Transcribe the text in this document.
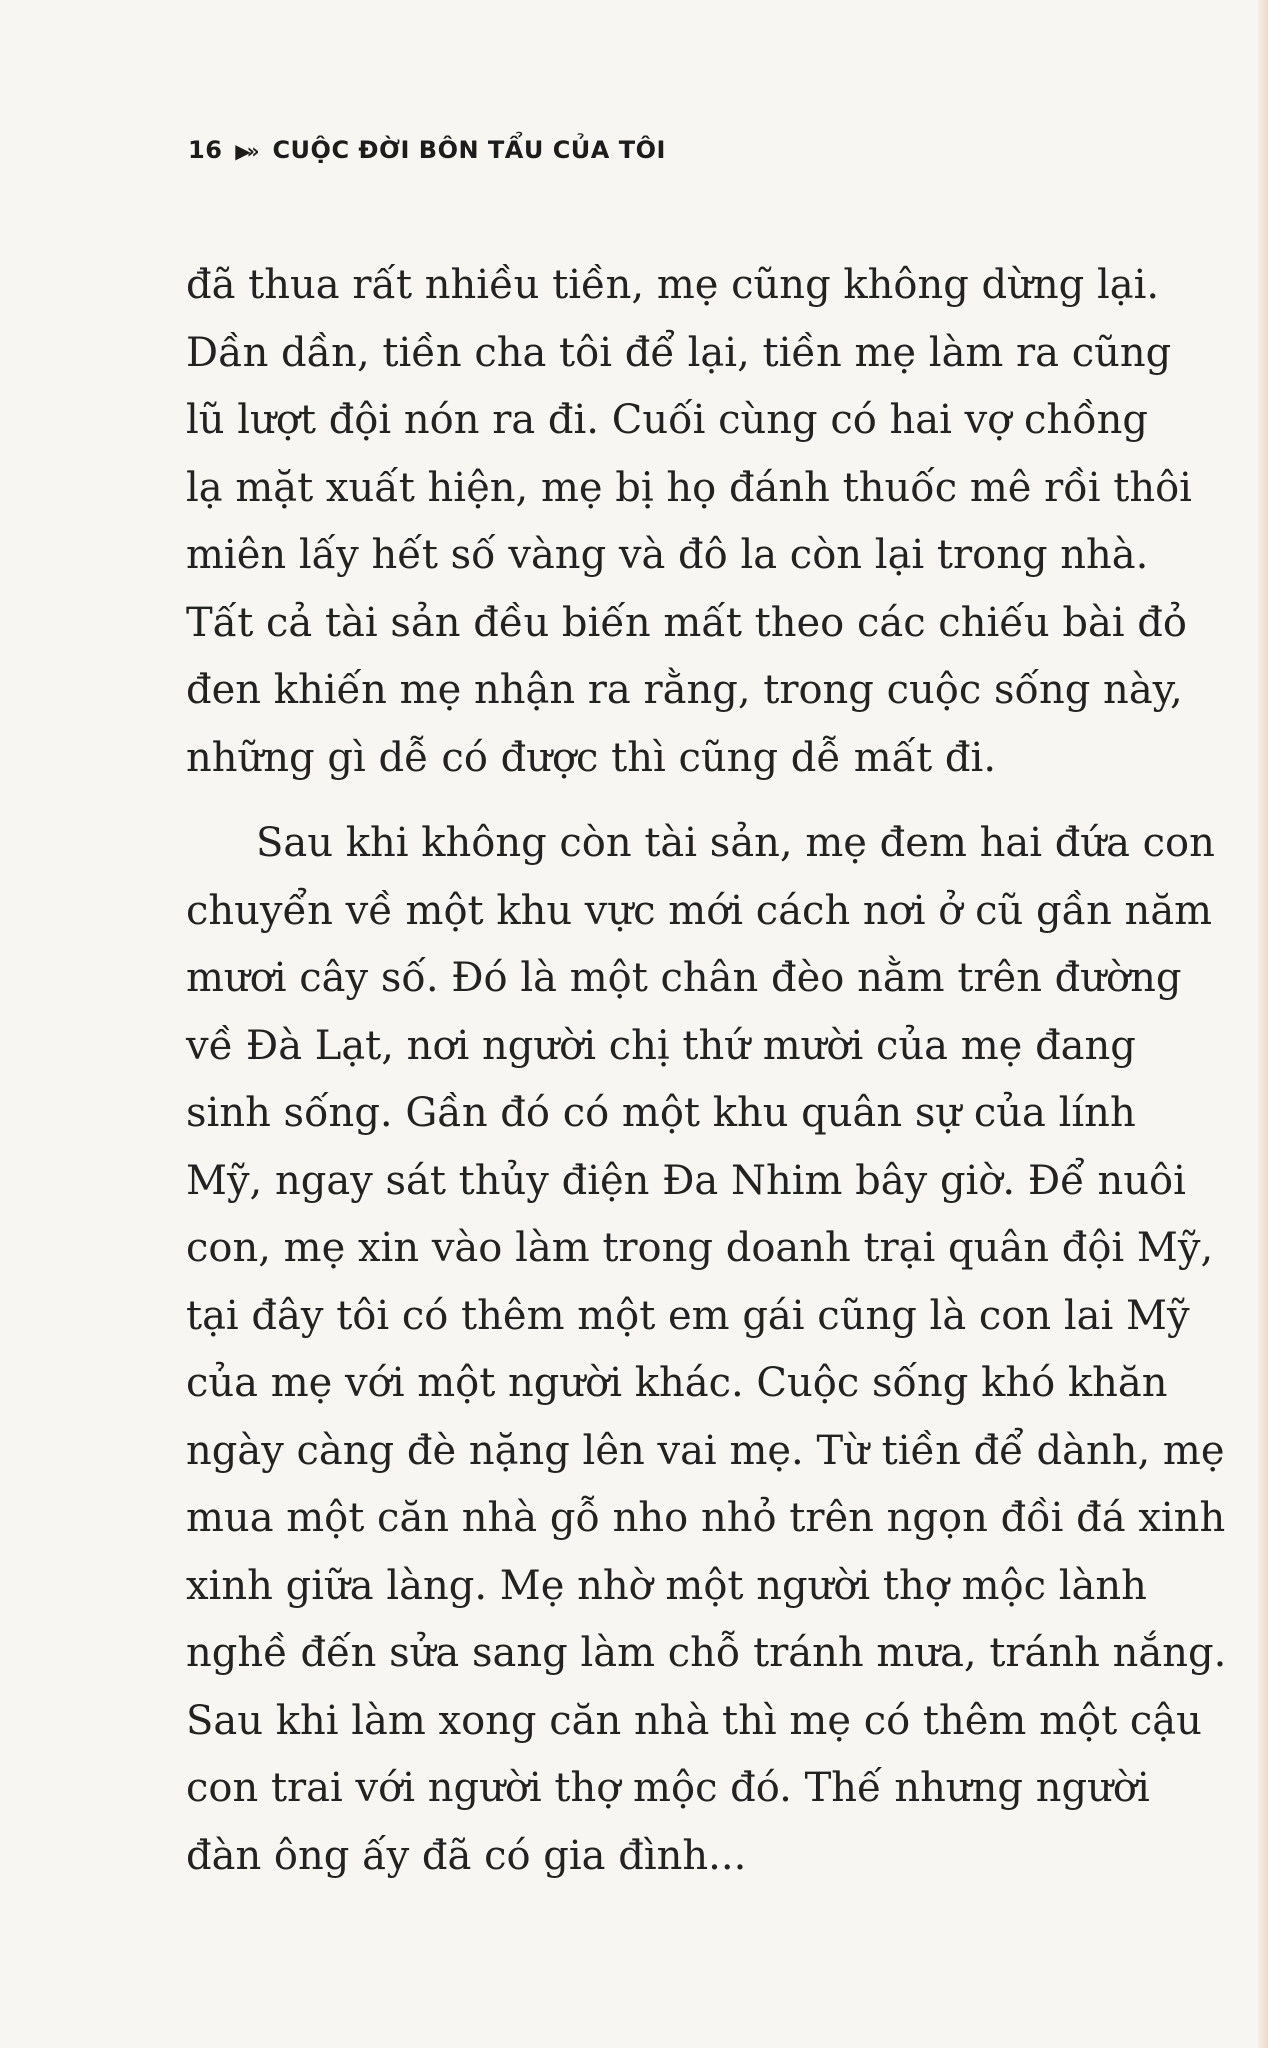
16 ▶» CUỘC ĐỜI BÔN TẨU CỦA TÔI
đã thua rất nhiều tiền, mẹ cũng không dừng lại.
Dần dần, tiền cha tôi để lại, tiền mẹ làm ra cũng
lũ lượt đội nón ra đi. Cuối cùng có hai vợ chồng
lạ mặt xuất hiện, mẹ bị họ đánh thuốc mê rồi thôi
miên lấy hết số vàng và đô la còn lại trong nhà.
Tất cả tài sản đều biến mất theo các chiếu bài đỏ
đen khiến mẹ nhận ra rằng, trong cuộc sống này,
những gì dễ có được thì cũng dễ mất đi.
Sau khi không còn tài sản, mẹ đem hai đứa con
chuyển về một khu vực mới cách nơi ở cũ gần năm
mươi cây số. Đó là một chân đèo nằm trên đường
về Đà Lạt, nơi người chị thứ mười của mẹ đang
sinh sống. Gần đó có một khu quân sự của lính
Mỹ, ngay sát thủy điện Đa Nhim bây giờ. Để nuôi
con, mẹ xin vào làm trong doanh trại quân đội Mỹ,
tại đây tôi có thêm một em gái cũng là con lai Mỹ
của mẹ với một người khác. Cuộc sống khó khăn
ngày càng đè nặng lên vai mẹ. Từ tiền để dành, mẹ
mua một căn nhà gỗ nho nhỏ trên ngọn đồi đá xinh
xinh giữa làng. Mẹ nhờ một người thợ mộc lành
nghề đến sửa sang làm chỗ tránh mưa, tránh nắng.
Sau khi làm xong căn nhà thì mẹ có thêm một cậu
con trai với người thợ mộc đó. Thế nhưng người
đàn ông ấy đã có gia đình...
